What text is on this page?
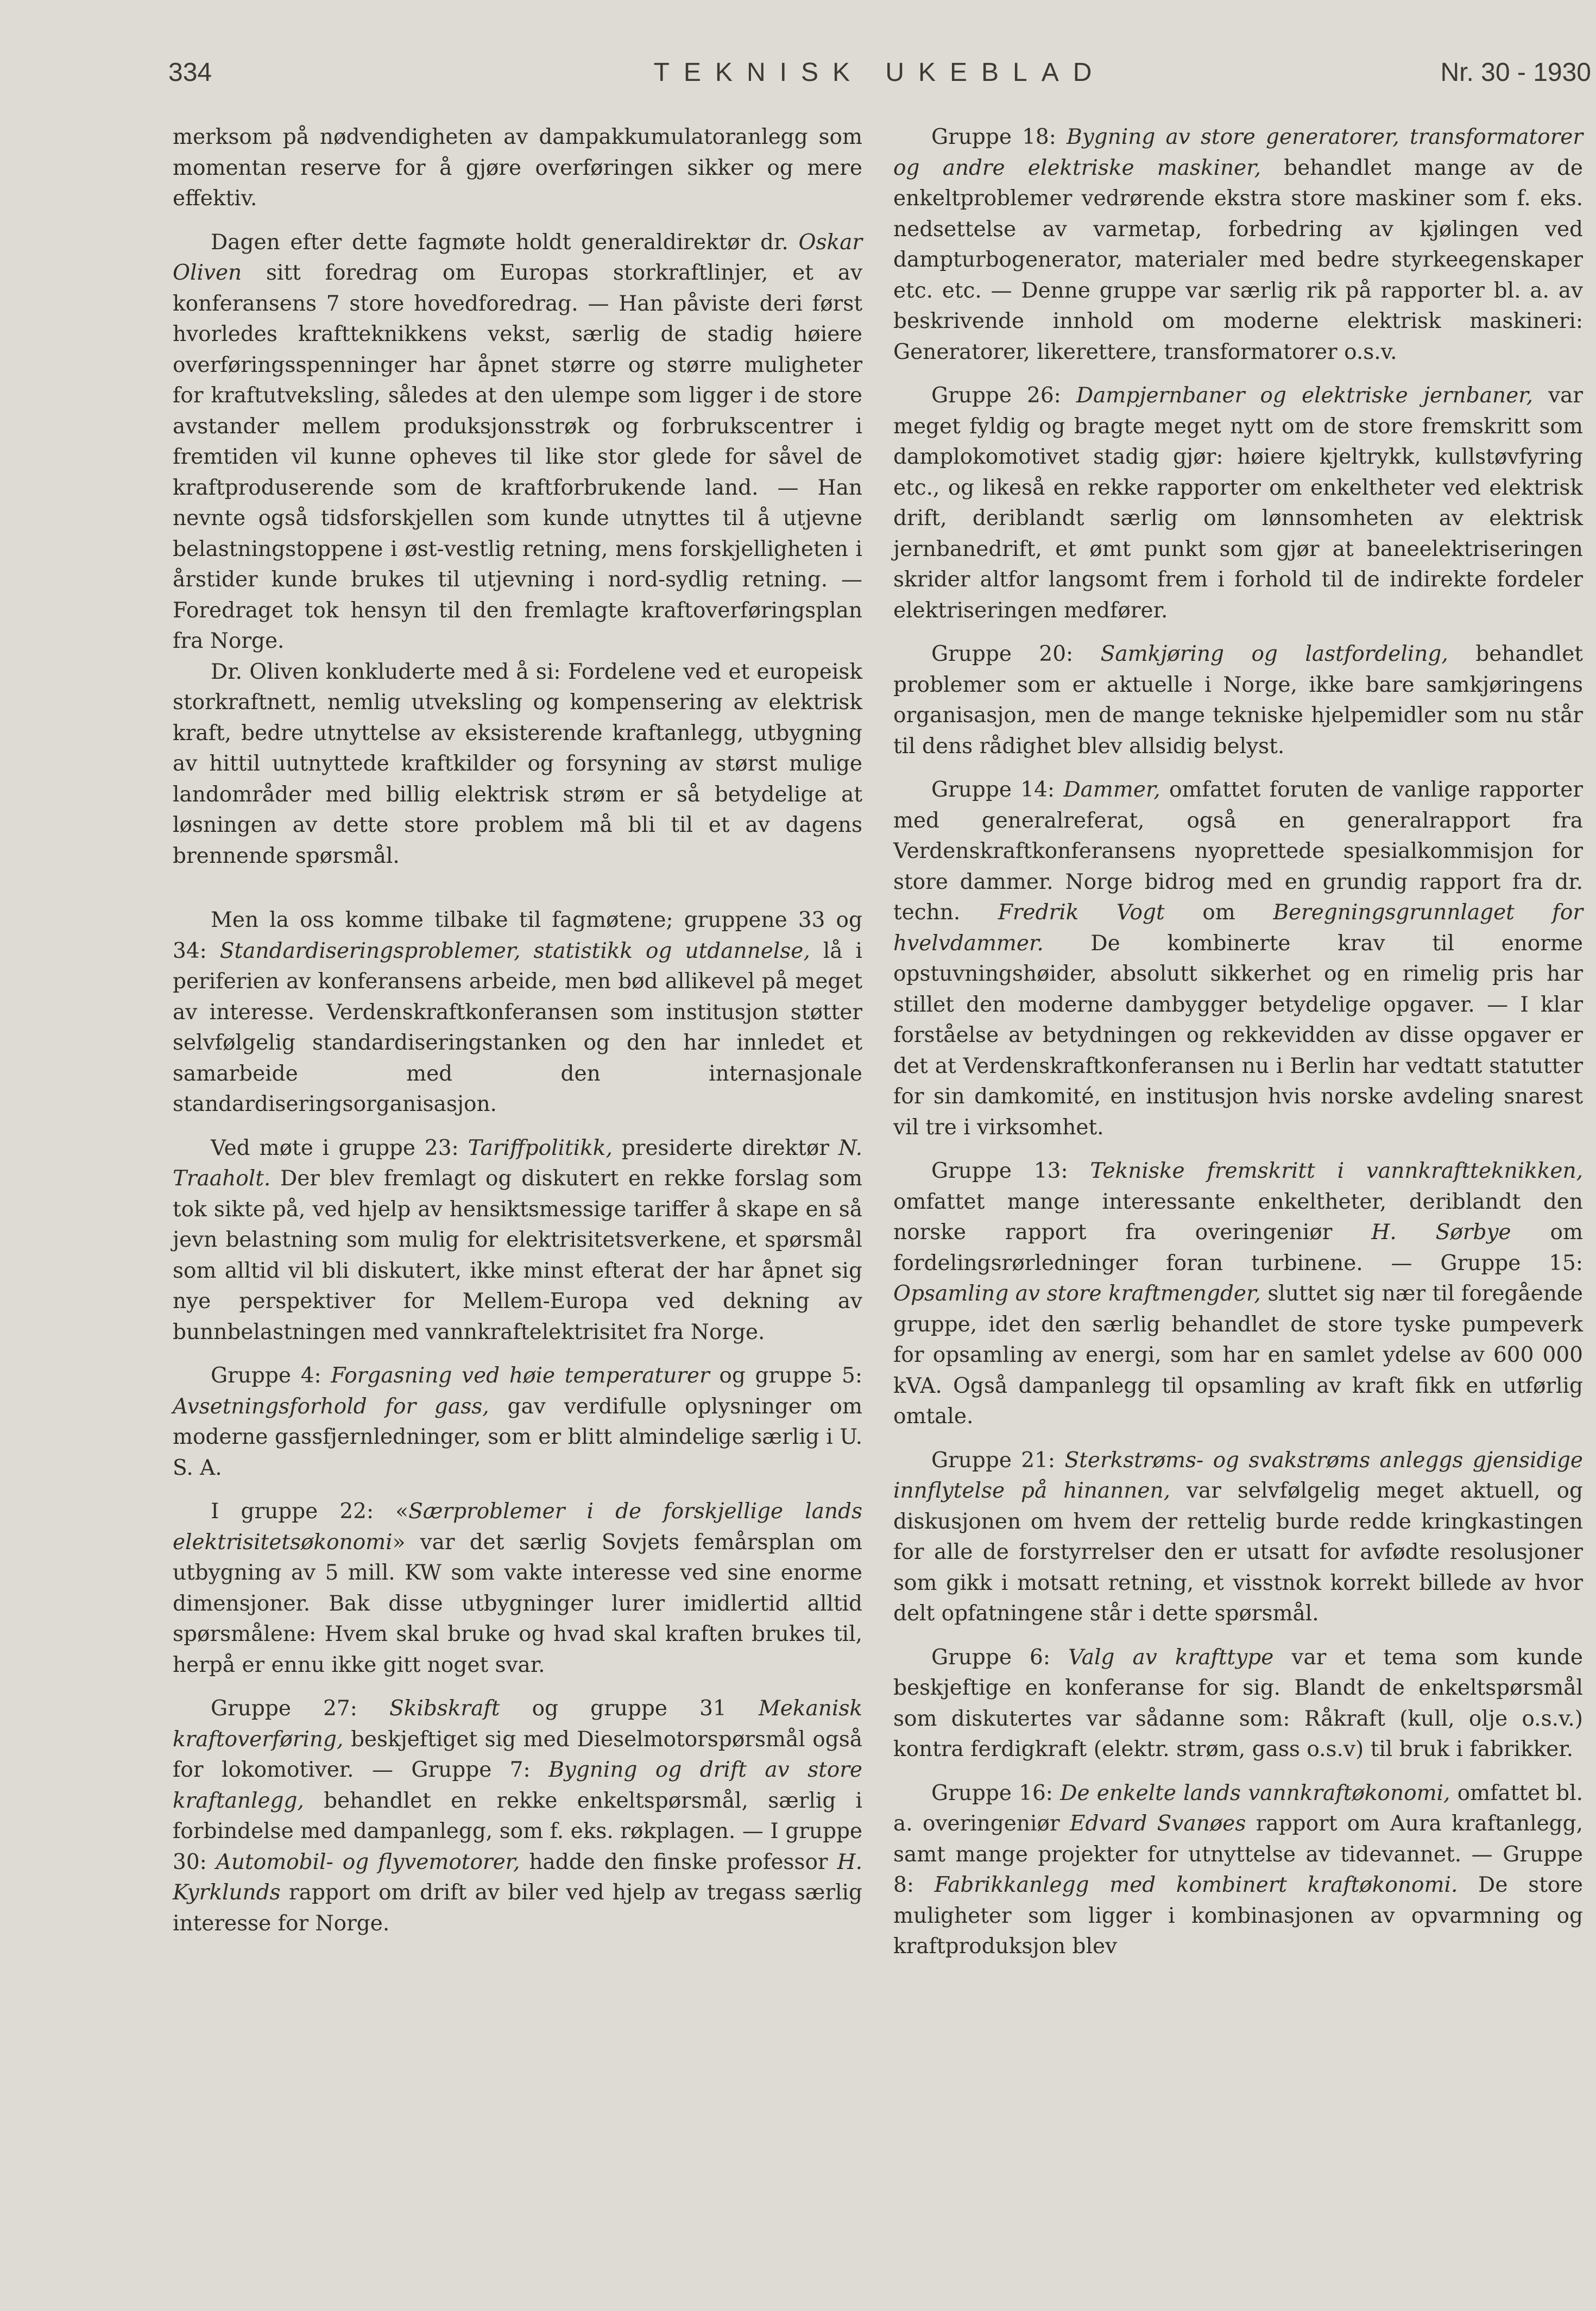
334	TEKNISK UKEBLAD	Nr. 30 - 1930

merksom på nødvendigheten av dampakkumulatoranlegg som momentan reserve for å gjøre overføringen sikker og mere effektiv.

Dagen efter dette fagmøte holdt generaldirektør dr. Oskar Oliven sitt foredrag om Europas storkraftlinjer, et av konferansens 7 store hovedforedrag. — Han påviste deri først hvorledes kraftteknikkens vekst, særlig de stadig høiere overføringsspenninger har åpnet større og større muligheter for kraftutveksling, således at den ulempe som ligger i de store avstander mellem produksjonsstrøk og forbrukscentrer i fremtiden vil kunne opheves til like stor glede for såvel de kraftproduserende som de kraftforbrukende land. — Han nevnte også tidsforskjellen som kunde utnyttes til å utjevne belastningstoppene i øst-vestlig retning, mens forskjelligheten i årstider kunde brukes til utjevning i nord-sydlig retning. — Foredraget tok hensyn til den fremlagte kraftoverføringsplan fra Norge.

Dr. Oliven konkluderte med å si: Fordelene ved et europeisk storkraftnett, nemlig utveksling og kompensering av elektrisk kraft, bedre utnyttelse av eksisterende kraftanlegg, utbygning av hittil uutnyttede kraftkilder og forsyning av størst mulige landområder med billig elektrisk strøm er så betydelige at løsningen av dette store problem må bli til et av dagens brennende spørsmål.

Men la oss komme tilbake til fagmøtene; gruppene 33 og 34: Standardiseringsproblemer, statistikk og utdannelse, lå i periferien av konferansens arbeide, men bød allikevel på meget av interesse. Verdenskraftkonferansen som institusjon støtter selvfølgelig standardiseringstanken og den har innledet et samarbeide med den internasjonale standardiseringsorganisasjon.

Ved møte i gruppe 23: Tariffpolitikk, presiderte direktør N. Traaholt. Der blev fremlagt og diskutert en rekke forslag som tok sikte på, ved hjelp av hensiktsmessige tariffer å skape en så jevn belastning som mulig for elektrisitetsverkene, et spørsmål som alltid vil bli diskutert, ikke minst efterat der har åpnet sig nye perspektiver for Mellem-Europa ved dekning av bunnbelastningen med vannkraftelektrisitet fra Norge.

Gruppe 4: Forgasning ved høie temperaturer og gruppe 5: Avsetningsforhold for gass, gav verdifulle oplysninger om moderne gassfjernledninger, som er blitt almindelige særlig i U. S. A.

I gruppe 22: «Særproblemer i de forskjellige lands elektrisitetsøkonomi» var det særlig Sovjets femårsplan om utbygning av 5 mill. KW som vakte interesse ved sine enorme dimensjoner. Bak disse utbygninger lurer imidlertid alltid spørsmålene: Hvem skal bruke og hvad skal kraften brukes til, herpå er ennu ikke gitt noget svar.

Gruppe 27: Skibskraft og gruppe 31 Mekanisk kraftoverføring, beskjeftiget sig med Dieselmotorspørsmål også for lokomotiver. — Gruppe 7: Bygning og drift av store kraftanlegg, behandlet en rekke enkeltspørsmål, særlig i forbindelse med dampanlegg, som f. eks. røkplagen. — I gruppe 30: Automobil- og flyvemotorer, hadde den finske professor H. Kyrklunds rapport om drift av biler ved hjelp av tregass særlig interesse for Norge.

Gruppe 18: Bygning av store generatorer, transformatorer og andre elektriske maskiner, behandlet mange av de enkeltproblemer vedrørende ekstra store maskiner som f. eks. nedsettelse av varmetap, forbedring av kjølingen ved dampturbogenerator, materialer med bedre styrkeegenskaper etc. etc. — Denne gruppe var særlig rik på rapporter bl. a. av beskrivende innhold om moderne elektrisk maskineri: Generatorer, likerettere, transformatorer o.s.v.

Gruppe 26: Dampjernbaner og elektriske jernbaner, var meget fyldig og bragte meget nytt om de store fremskritt som damplokomotivet stadig gjør: høiere kjeltrykk, kullstøvfyring etc., og likeså en rekke rapporter om enkeltheter ved elektrisk drift, deriblandt særlig om lønnsomheten av elektrisk jernbanedrift, et ømt punkt som gjør at baneelektriseringen skrider altfor langsomt frem i forhold til de indirekte fordeler elektriseringen medfører.

Gruppe 20: Samkjøring og lastfordeling, behandlet problemer som er aktuelle i Norge, ikke bare samkjøringens organisasjon, men de mange tekniske hjelpemidler som nu står til dens rådighet blev allsidig belyst.

Gruppe 14: Dammer, omfattet foruten de vanlige rapporter med generalreferat, også en generalrapport fra Verdenskraftkonferansens nyoprettede spesialkommisjon for store dammer. Norge bidrog med en grundig rapport fra dr. techn. Fredrik Vogt om Beregningsgrunnlaget for hvelvdammer. De kombinerte krav til enorme opstuvningshøider, absolutt sikkerhet og en rimelig pris har stillet den moderne dambygger betydelige opgaver. — I klar forståelse av betydningen og rekkevidden av disse opgaver er det at Verdenskraftkonferansen nu i Berlin har vedtatt statutter for sin damkomité, en institusjon hvis norske avdeling snarest vil tre i virksomhet.

Gruppe 13: Tekniske fremskritt i vannkraftteknikken, omfattet mange interessante enkeltheter, deriblandt den norske rapport fra overingeniør H. Sørbye om fordelingsrørledninger foran turbinene. — Gruppe 15: Opsamling av store kraftmengder, sluttet sig nær til foregående gruppe, idet den særlig behandlet de store tyske pumpeverk for opsamling av energi, som har en samlet ydelse av 600 000 kVA. Også dampanlegg til opsamling av kraft fikk en utførlig omtale.

Gruppe 21: Sterkstrøms- og svakstrøms anleggs gjensidige innflytelse på hinannen, var selvfølgelig meget aktuell, og diskusjonen om hvem der rettelig burde redde kringkastingen for alle de forstyrrelser den er utsatt for avfødte resolusjoner som gikk i motsatt retning, et visstnok korrekt billede av hvor delt opfatningene står i dette spørsmål.

Gruppe 6: Valg av krafttype var et tema som kunde beskjeftige en konferanse for sig. Blandt de enkeltspørsmål som diskutertes var sådanne som: Råkraft (kull, olje o.s.v.) kontra ferdigkraft (elektr. strøm, gass o.s.v) til bruk i fabrikker.

Gruppe 16: De enkelte lands vannkraftøkonomi, omfattet bl. a. overingeniør Edvard Svanøes rapport om Aura kraftanlegg, samt mange projekter for utnyttelse av tidevannet. — Gruppe 8: Fabrikkanlegg med kombinert kraftøkonomi. De store muligheter som ligger i kombinasjonen av opvarmning og kraftproduksjon blev
